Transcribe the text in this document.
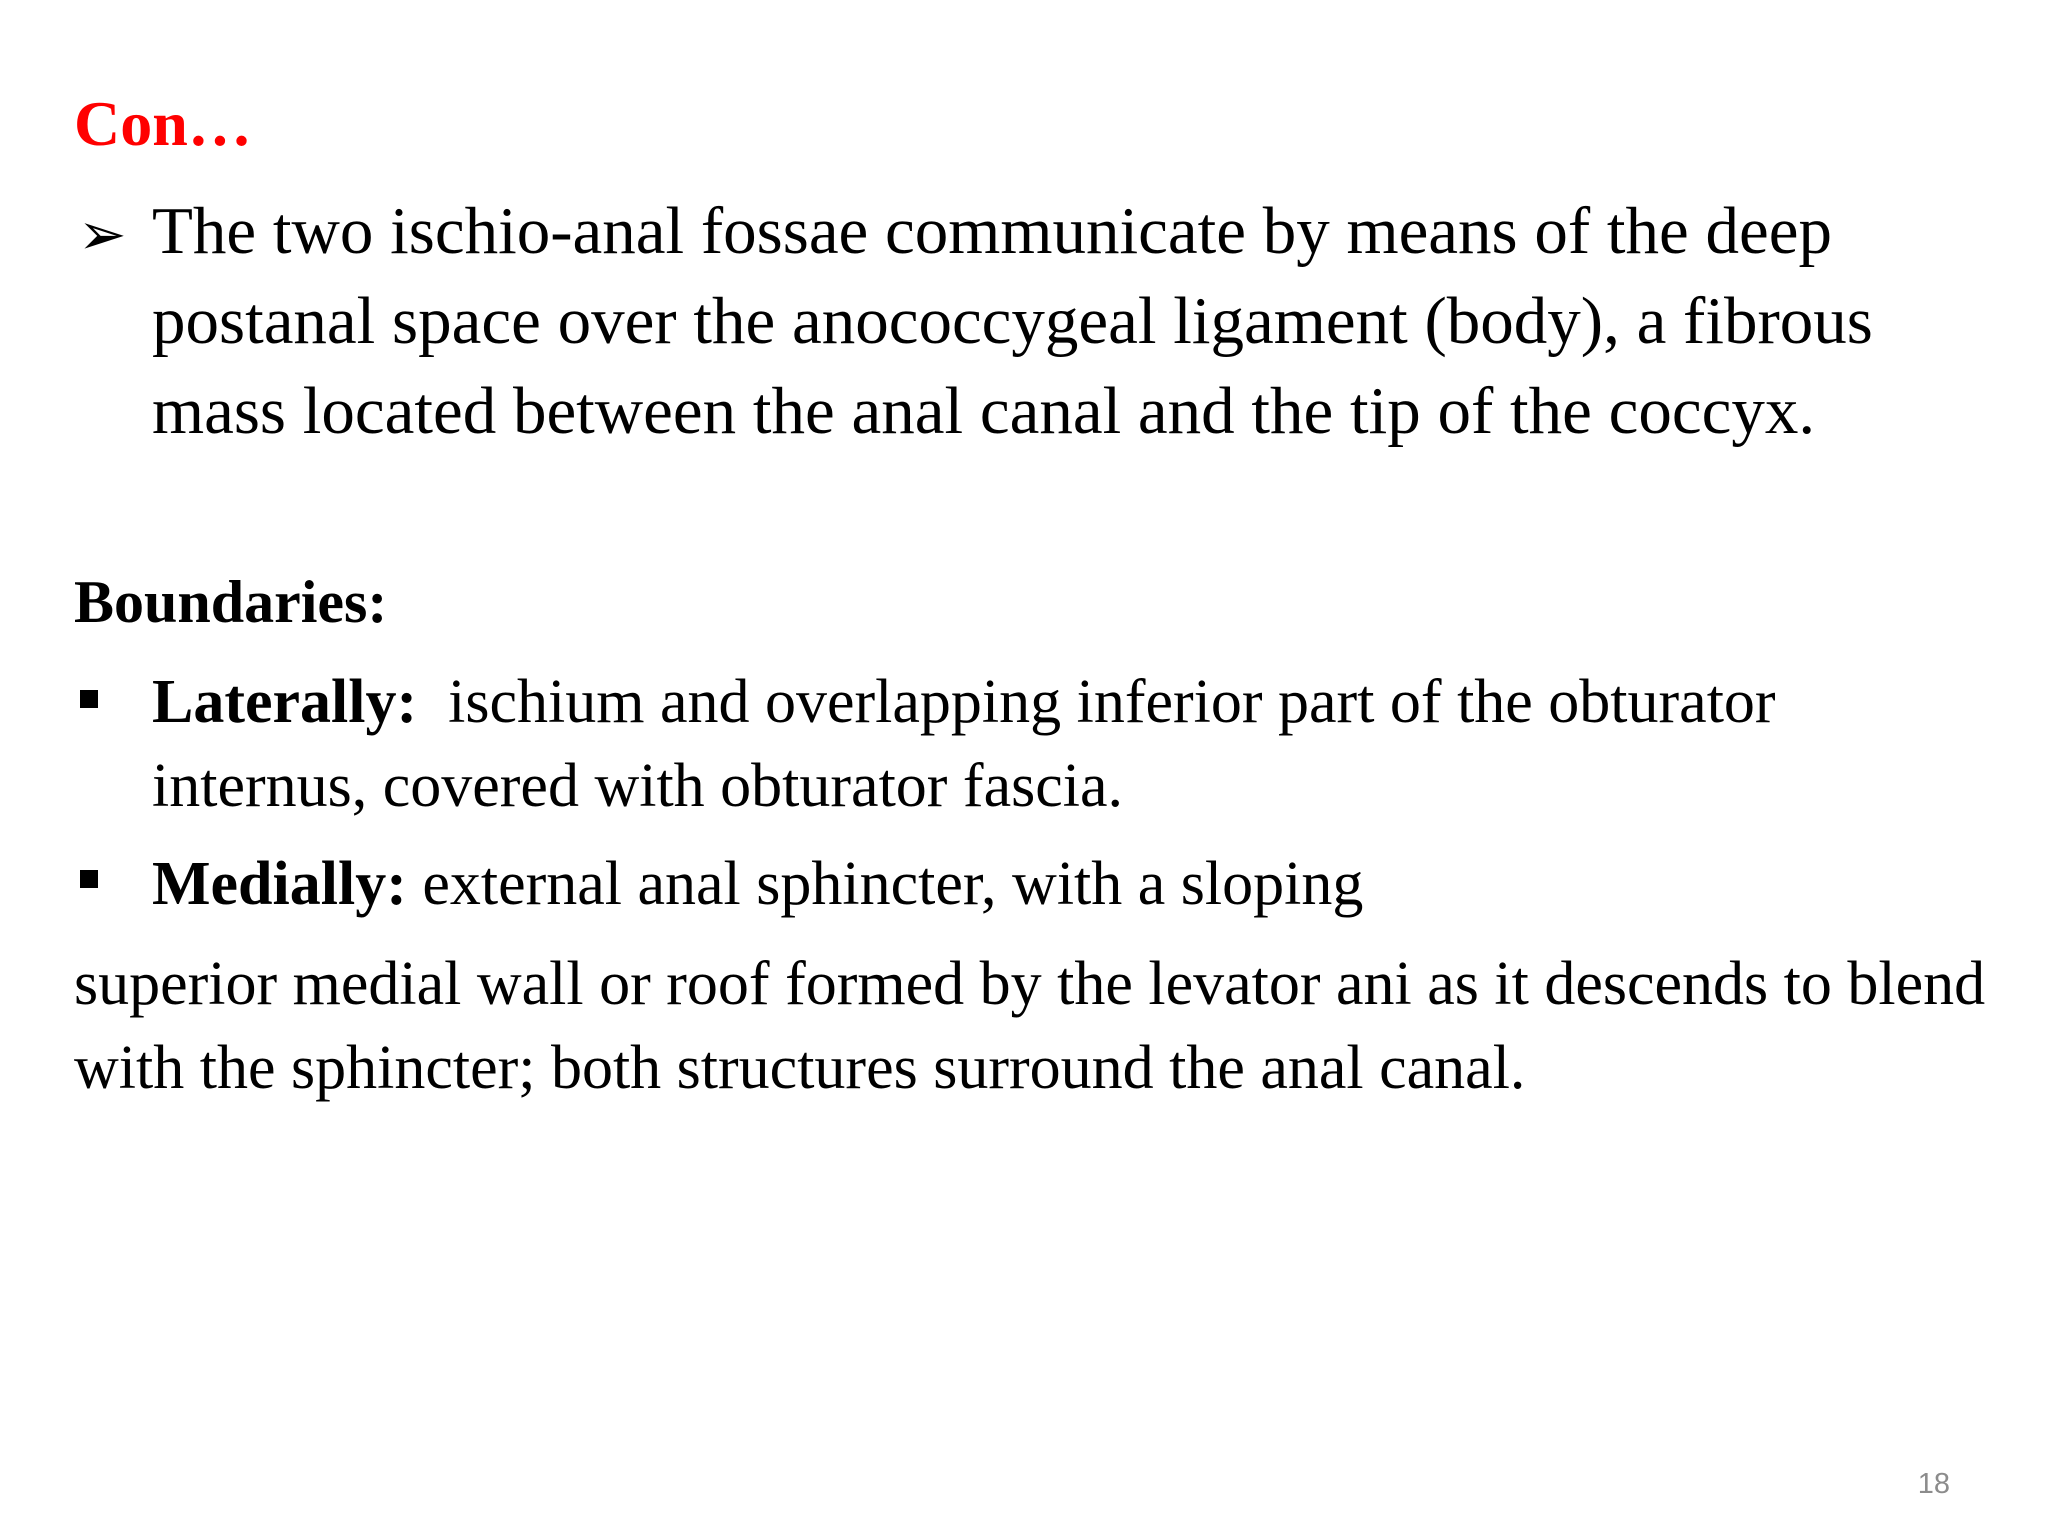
Con…
➢ The two ischio-anal fossae communicate by means of the deep postanal space over the anococcygeal ligament (body), a fibrous mass located between the anal canal and the tip of the coccyx.
Boundaries:
Laterally: ischium and overlapping inferior part of the obturator internus, covered with obturator fascia.
Medially: external anal sphincter, with a sloping
superior medial wall or roof formed by the levator ani as it descends to blend with the sphincter; both structures surround the anal canal.
18
